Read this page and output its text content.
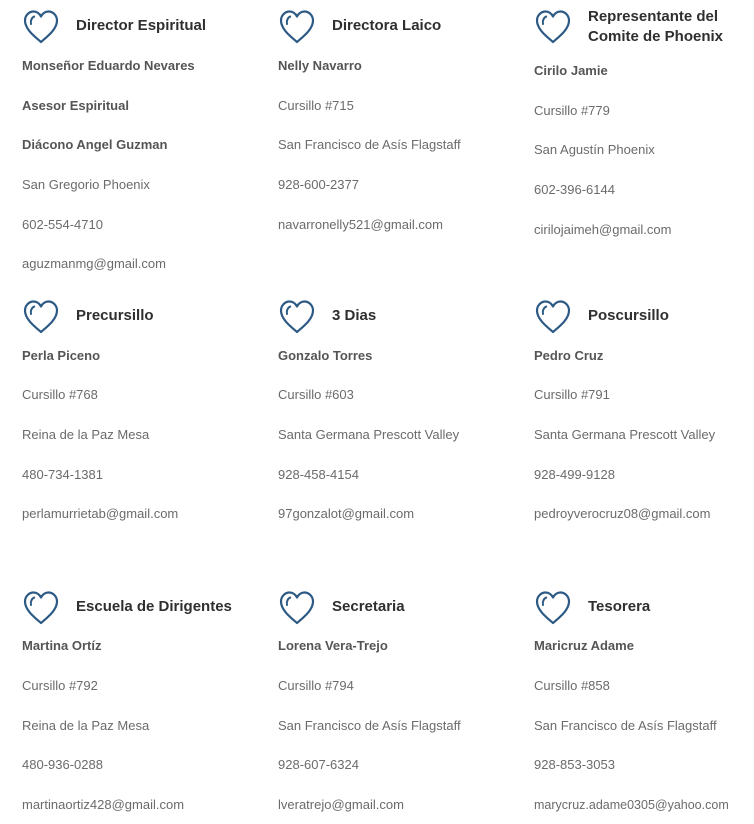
Director Espiritual
Monseñor Eduardo Nevares
Asesor Espiritual
Diácono Angel Guzman
San Gregorio Phoenix
602-554-4710
aguzmanmg@gmail.com
Directora Laico
Nelly Navarro
Cursillo #715
San Francisco de Asís Flagstaff
928-600-2377
navarronelly521@gmail.com
Representante del Comite de Phoenix
Cirilo Jamie
Cursillo #779
San Agustín Phoenix
602-396-6144
cirilojaimeh@gmail.com
Precursillo
Perla Piceno
Cursillo #768
Reina de la Paz Mesa
480-734-1381
perlamurrietab@gmail.com
3 Dias
Gonzalo Torres
Cursillo #603
Santa Germana Prescott Valley
928-458-4154
97gonzalot@gmail.com
Poscursillo
Pedro Cruz
Cursillo #791
Santa Germana Prescott Valley
928-499-9128
pedroyverocruz08@gmail.com
Escuela de Dirigentes
Martina Ortíz
Cursillo #792
Reina de la Paz Mesa
480-936-0288
martinaortiz428@gmail.com
Secretaria
Lorena Vera-Trejo
Cursillo #794
San Francisco de Asís Flagstaff
928-607-6324
lveratrejo@gmail.com
Tesorera
Maricruz Adame
Cursillo #858
San Francisco de Asís Flagstaff
928-853-3053
marycruz.adame0305@yahoo.com
